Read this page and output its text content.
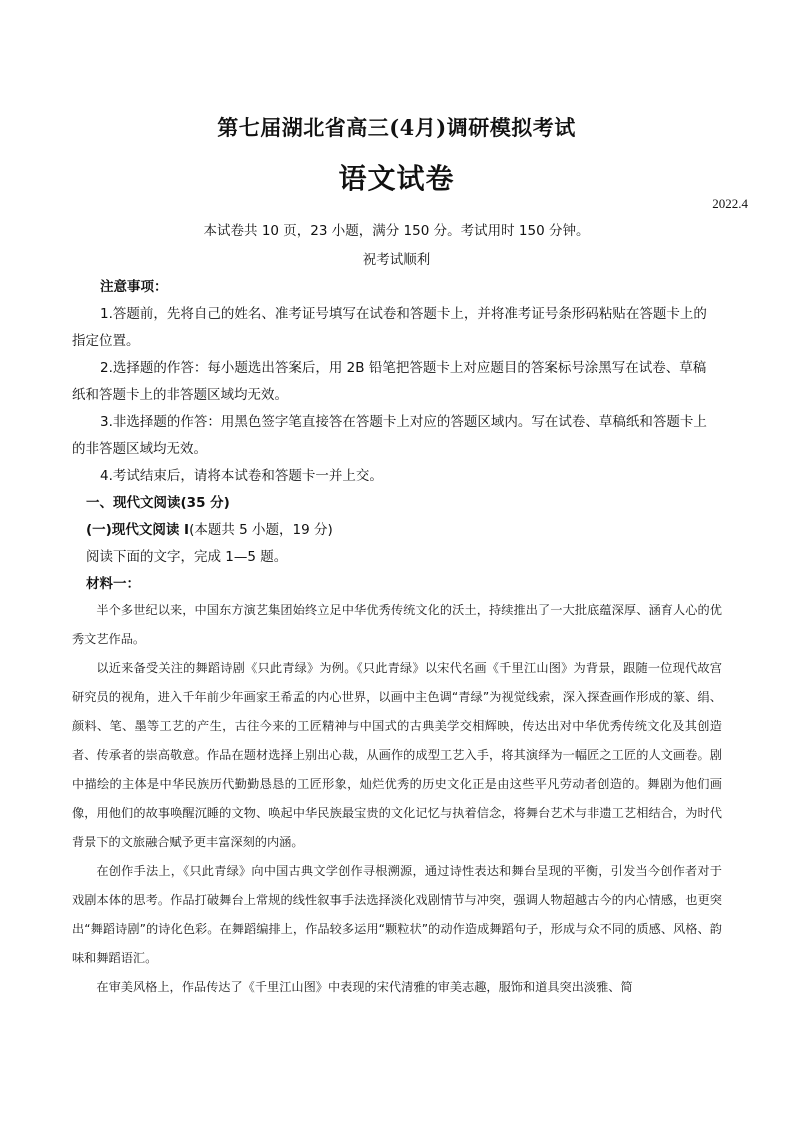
第七届湖北省高三(4月)调研模拟考试
语文试卷
2022.4
本试卷共 10 页，23 小题，满分 150 分。考试用时 150 分钟。
祝考试顺利
注意事项：
1.答题前，先将自己的姓名、准考证号填写在试卷和答题卡上，并将准考证号条形码粘贴在答题卡上的
指定位置。
2.选择题的作答：每小题选出答案后，用 2B 铅笔把答题卡上对应题目的答案标号涂黑写在试卷、草稿
纸和答题卡上的非答题区域均无效。
3.非选择题的作答：用黑色签字笔直接答在答题卡上对应的答题区域内。写在试卷、草稿纸和答题卡上
的非答题区域均无效。
4.考试结束后，请将本试卷和答题卡一并上交。
一、现代文阅读(35 分)
(一)现代文阅读 I(本题共 5 小题，19 分)
阅读下面的文字，完成 1—5 题。
材料一：

半个多世纪以来，中国东方演艺集团始终立足中华优秀传统文化的沃土，持续推出了一大批底蕴深厚、涵育人心的优秀文艺作品。

以近来备受关注的舞蹈诗剧《只此青绿》为例。《只此青绿》以宋代名画《千里江山图》为背景，跟随一位现代故宫研究员的视角，进入千年前少年画家王希孟的内心世界，以画中主色调“青绿”为视觉线索，深入探查画作形成的篆、绢、颜料、笔、墨等工艺的产生，古往今来的工匠精神与中国式的古典美学交相辉映，传达出对中华优秀传统文化及其创造者、传承者的崇高敬意。作品在题材选择上别出心裁，从画作的成型工艺入手，将其演绎为一幅匠之工匠的人文画卷。剧中描绘的主体是中华民族历代勤勤恳恳的工匠形象，灿烂优秀的历史文化正是由这些平凡劳动者创造的。舞剧为他们画像，用他们的故事唤醒沉睡的文物、唤起中华民族最宝贵的文化记忆与执着信念，将舞台艺术与非遗工艺相结合，为时代背景下的文旅融合赋予更丰富深刻的内涵。

在创作手法上，《只此青绿》向中国古典文学创作寻根溯源，通过诗性表达和舞台呈现的平衡，引发当今创作者对于戏剧本体的思考。作品打破舞台上常规的线性叙事手法选择淡化戏剧情节与冲突，强调人物超越古今的内心情感，也更突出“舞蹈诗剧”的诗化色彩。在舞蹈编排上，作品较多运用“颗粒状”的动作造成舞蹈句子，形成与众不同的质感、风格、韵味和舞蹈语汇。

在审美风格上，作品传达了《千里江山图》中表现的宋代清雅的审美志趣，服饰和道具突出淡雅、简
